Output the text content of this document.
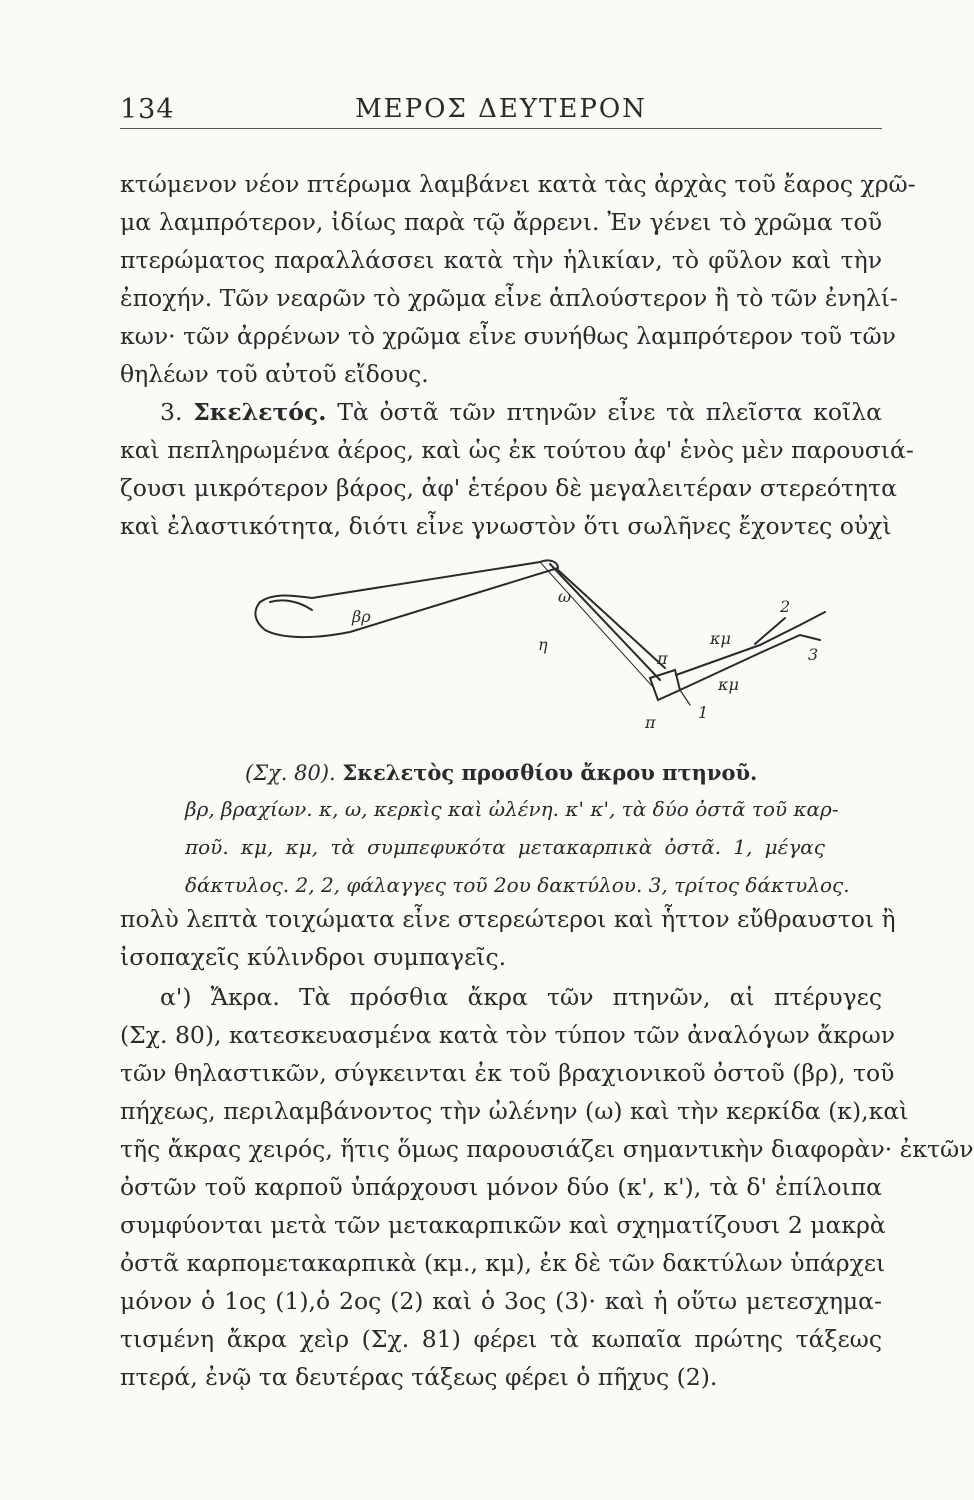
134	ΜΕΡΟΣ ΔΕΥΤΕΡΟΝ
κτώμενον νέον πτέρωμα λαμβάνει κατὰ τὰς ἀρχὰς τοῦ ἔαρος χρῶ-
μα λαμπρότερον, ἰδίως παρὰ τῷ ἄρρενι. Ἐν γένει τὸ χρῶμα τοῦ
πτερώματος παραλλάσσει κατὰ τὴν ἡλικίαν, τὸ φῦλον καὶ τὴν
ἐποχήν. Τῶν νεαρῶν τὸ χρῶμα εἶνε ἁπλούστερον ἢ τὸ τῶν ἐνηλί-
κων· τῶν ἀρρένων τὸ χρῶμα εἶνε συνήθως λαμπρότερον τοῦ τῶν
θηλέων τοῦ αὐτοῦ εἴδους.
3. Σκελετός. Τὰ ὀστᾶ τῶν πτηνῶν εἶνε τὰ πλεῖστα κοῖλα
καὶ πεπληρωμένα ἀέρος, καὶ ὡς ἐκ τούτου ἀφ' ἑνὸς μὲν παρουσιά-
ζουσι μικρότερον βάρος, ἀφ' ἑτέρου δὲ μεγαλειτέραν στερεότητα
καὶ ἐλαστικότητα, διότι εἶνε γνωστὸν ὅτι σωλῆνες ἔχοντες οὐχὶ
βρ
ω
η
π
π
κμ
κμ
1
2
3
(Σχ. 80). Σκελετὸς προσθίου ἄκρου πτηνοῦ.
βρ, βραχίων. κ, ω, κερκὶς καὶ ὠλένη. κ' κ', τὰ δύο ὀστᾶ τοῦ καρ-
ποῦ. κμ, κμ, τὰ συμπεφυκότα μετακαρπικὰ ὀστᾶ. 1, μέγας
δάκτυλος. 2, 2, φάλαγγες τοῦ 2ου δακτύλου. 3, τρίτος δάκτυλος.
πολὺ λεπτὰ τοιχώματα εἶνε στερεώτεροι καὶ ἧττον εὔθραυστοι ἢ
ἰσοπαχεῖς κύλινδροι συμπαγεῖς.
α') Ἄκρα. Τὰ πρόσθια ἄκρα τῶν πτηνῶν, αἱ πτέρυγες
(Σχ. 80), κατεσκευασμένα κατὰ τὸν τύπον τῶν ἀναλόγων ἄκρων
τῶν θηλαστικῶν, σύγκεινται ἐκ τοῦ βραχιονικοῦ ὀστοῦ (βρ), τοῦ
πήχεως, περιλαμβάνοντος τὴν ὠλένην (ω) καὶ τὴν κερκίδα (κ),καὶ
τῆς ἄκρας χειρός, ἥτις ὅμως παρουσιάζει σημαντικὴν διαφορὰν· ἐκτῶν
ὀστῶν τοῦ καρποῦ ὑπάρχουσι μόνον δύο (κ', κ'), τὰ δ' ἐπίλοιπα
συμφύονται μετὰ τῶν μετακαρπικῶν καὶ σχηματίζουσι 2 μακρὰ
ὀστᾶ καρπομετακαρπικὰ (κμ., κμ), ἐκ δὲ τῶν δακτύλων ὑπάρχει
μόνον ὁ 1ος (1),ὁ 2ος (2) καὶ ὁ 3ος (3)· καὶ ἡ οὕτω μετεσχημα-
τισμένη ἄκρα χεὶρ (Σχ. 81) φέρει τὰ κωπαῖα πρώτης τάξεως
πτερά, ἐνῷ τα δευτέρας τάξεως φέρει ὁ πῆχυς (2).
